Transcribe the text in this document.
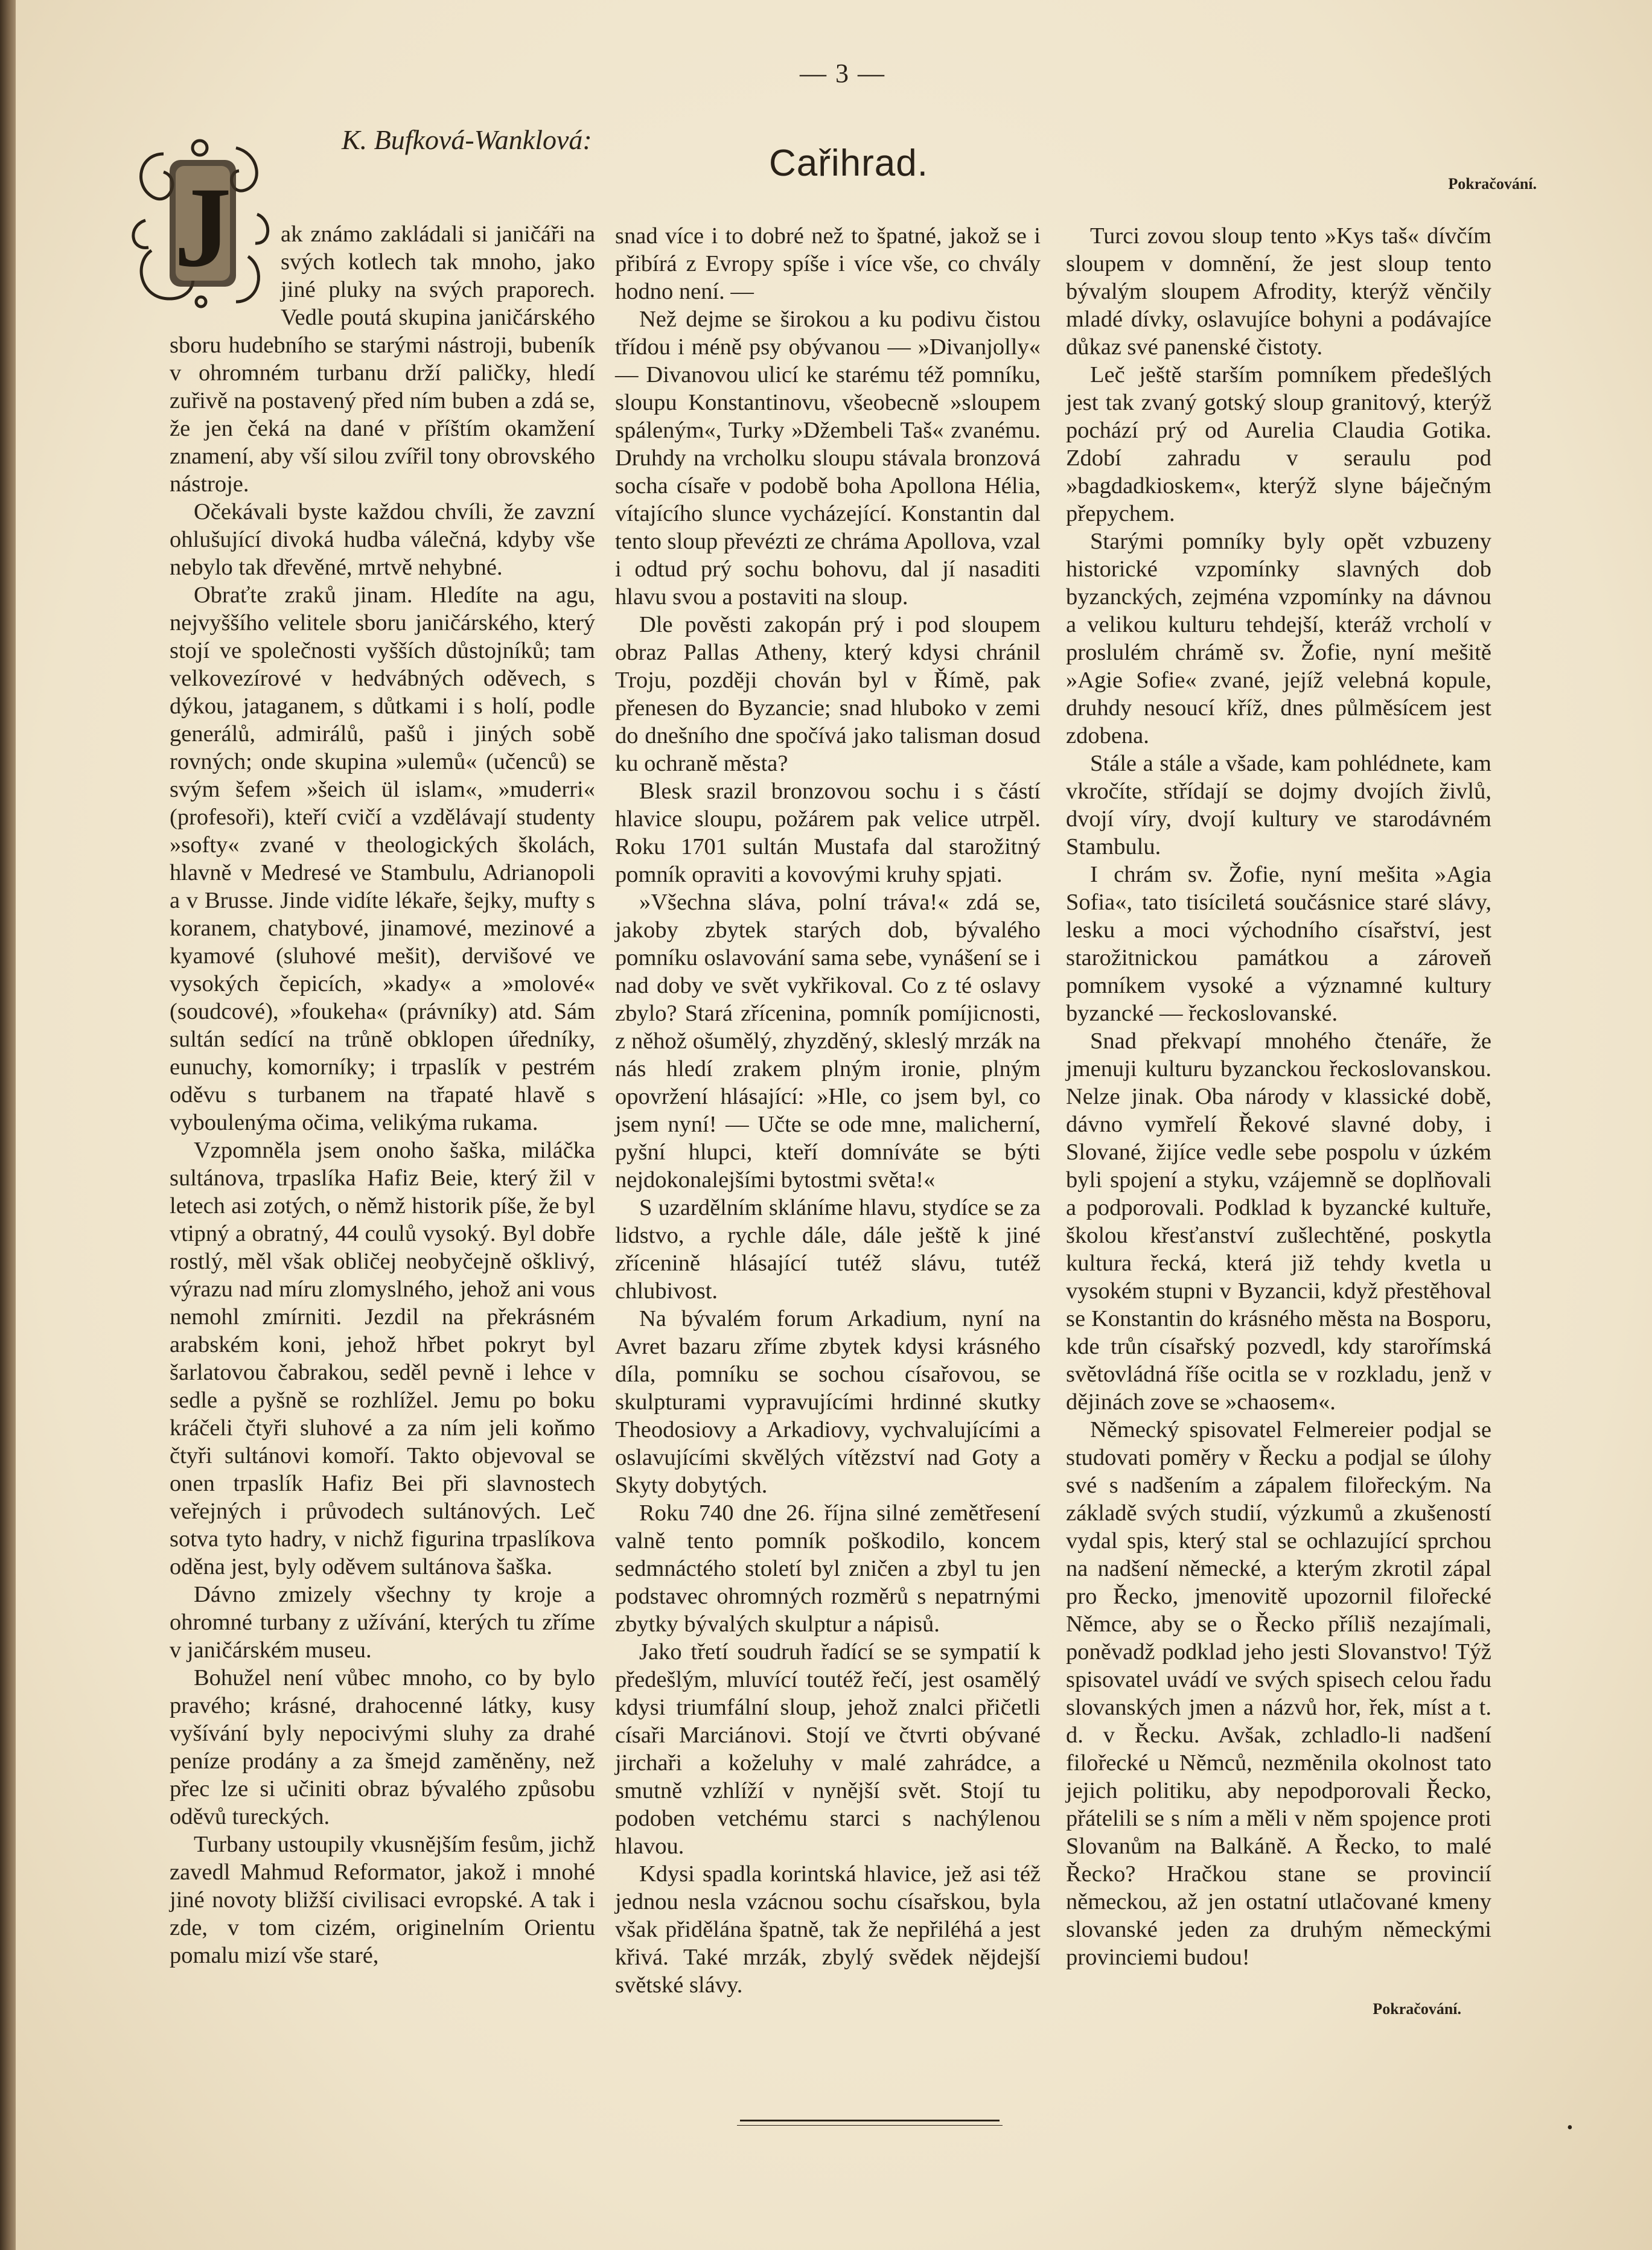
— 3 —
K. Bufková-Wanklová:
Cařihrad.	Pokračování.
J	ak známo zakládali si janičáři na svých kotlech tak mnoho, jako jiné pluky na svých praporech. Vedle poutá skupina janičárského sboru hudebního se starými nástroji, bubeník v ohromném turbanu drží paličky, hledí zuřivě na postavený před ním buben a zdá se, že jen čeká na dané v příštím okamžení znamení, aby vší silou zvířil tony obrovského nástroje.

Očekávali byste každou chvíli, že zavzní ohlušující divoká hudba válečná, kdyby vše nebylo tak dřevěné, mrtvě nehybné.

Obraťte zraků jinam. Hledíte na agu, nejvyššího velitele sboru janičárského, který stojí ve společnosti vyšších důstojníků; tam velkovezírové v hedvábných oděvech, s dýkou, jataganem, s důtkami i s holí, podle generálů, admirálů, pašů i jiných sobě rovných; onde skupina »ulemů« (učenců) se svým šefem »šeich ül islam«, »muderri« (profesoři), kteří cvičí a vzdělávají studenty »softy« zvané v theologických školách, hlavně v Medresé ve Stambulu, Adrianopoli a v Brusse. Jinde vidíte lékaře, šejky, mufty s koranem, chatybové, jinamové, mezinové a kyamové (sluhové mešit), dervišové ve vysokých čepicích, »kady« a »molové« (soudcové), »foukeha« (právníky) atd. Sám sultán sedící na trůně obklopen úředníky, eunuchy, komorníky; i trpaslík v pestrém oděvu s turbanem na třapaté hlavě s vyboulenýma očima, velikýma rukama.

Vzpomněla jsem onoho šaška, miláčka sultánova, trpaslíka Hafiz Beie, který žil v letech asi zotých, o němž historik píše, že byl vtipný a obratný, 44 coulů vysoký. Byl dobře rostlý, měl však obličej neobyčejně ošklivý, výrazu nad míru zlomyslného, jehož ani vous nemohl zmírniti. Jezdil na překrásném arabském koni, jehož hřbet pokryt byl šarlatovou čabrakou, seděl pevně i lehce v sedle a pyšně se rozhlížel. Jemu po boku kráčeli čtyři sluhové a za ním jeli koňmo čtyři sultánovi komoří. Takto objevoval se onen trpaslík Hafiz Bei při slavnostech veřejných i průvodech sultánových. Leč sotva tyto hadry, v nichž figurina trpaslíkova oděna jest, byly oděvem sultánova šaška.

Dávno zmizely všechny ty kroje a ohromné turbany z užívání, kterých tu zříme v janičárském museu.

Bohužel není vůbec mnoho, co by bylo pravého; krásné, drahocenné látky, kusy vyšívání byly nepocivými sluhy za drahé peníze prodány a za šmejd zaměněny, než přec lze si učiniti obraz bývalého způsobu oděvů tureckých.

Turbany ustoupily vkusnějším fesům, jichž zavedl Mahmud Reformator, jakož i mnohé jiné novoty bližší civilisaci evropské. A tak i zde, v tom cizém, originelním Orientu pomalu mizí vše staré,

snad více i to dobré než to špatné, jakož se i přibírá z Evropy spíše i více vše, co chvály hodno není. —

Než dejme se širokou a ku podivu čistou třídou i méně psy obývanou — »Divanjolly« — Divanovou ulicí ke starému též pomníku, sloupu Konstantinovu, všeobecně »sloupem spáleným«, Turky »Džembeli Taš« zvanému. Druhdy na vrcholku sloupu stávala bronzová socha císaře v podobě boha Apollona Hélia, vítajícího slunce vycházející. Konstantin dal tento sloup převézti ze chráma Apollova, vzal i odtud prý sochu bohovu, dal jí nasaditi hlavu svou a postaviti na sloup.

Dle pověsti zakopán prý i pod sloupem obraz Pallas Atheny, který kdysi chránil Troju, později chován byl v Římě, pak přenesen do Byzancie; snad hluboko v zemi do dnešního dne spočívá jako talisman dosud ku ochraně města?

Blesk srazil bronzovou sochu i s částí hlavice sloupu, požárem pak velice utrpěl. Roku 1701 sultán Mustafa dal starožitný pomník opraviti a kovovými kruhy spjati.

»Všechna sláva, polní tráva!« zdá se, jakoby zbytek starých dob, bývalého pomníku oslavování sama sebe, vynášení se i nad doby ve svět vykřikoval. Co z té oslavy zbylo? Stará zřícenina, pomník pomíjicnosti, z něhož ošumělý, zhyzděný, skleslý mrzák na nás hledí zrakem plným ironie, plným opovržení hlásající: »Hle, co jsem byl, co jsem nyní! — Učte se ode mne, malicherní, pyšní hlupci, kteří domníváte se býti nejdokonalejšími bytostmi světa!«

S uzardělním skláníme hlavu, stydíce se za lidstvo, a rychle dále, dále ještě k jiné zřícenině hlásající tutéž slávu, tutéž chlubivost.

Na bývalém forum Arkadium, nyní na Avret bazaru zříme zbytek kdysi krásného díla, pomníku se sochou císařovou, se skulpturami vypravujícími hrdinné skutky Theodosiovy a Arkadiovy, vychvalujícími a oslavujícími skvělých vítězství nad Goty a Skyty dobytých.

Roku 740 dne 26. října silné zemětřesení valně tento pomník poškodilo, koncem sedmnáctého století byl zničen a zbyl tu jen podstavec ohromných rozměrů s nepatrnými zbytky bývalých skulptur a nápisů.

Jako třetí soudruh řadící se se sympatií k předešlým, mluvící toutéž řečí, jest osamělý kdysi triumfální sloup, jehož znalci přičetli císaři Marciánovi. Stojí ve čtvrti obývané jirchaři a koželuhy v malé zahrádce, a smutně vzhlíží v nynější svět. Stojí tu podoben vetchému starci s nachýlenou hlavou.

Kdysi spadla korintská hlavice, jež asi též jednou nesla vzácnou sochu císařskou, byla však přidělána špatně, tak že nepřiléhá a jest křivá. Také mrzák, zbylý svědek nějdejší světské slávy.

Turci zovou sloup tento »Kys taš« dívčím sloupem v domnění, že jest sloup tento bývalým sloupem Afrodity, kterýž věnčily mladé dívky, oslavujíce bohyni a podávajíce důkaz své panenské čistoty.

Leč ještě starším pomníkem předešlých jest tak zvaný gotský sloup granitový, kterýž pochází prý od Aurelia Claudia Gotika. Zdobí zahradu v seraulu pod »bagdadkioskem«, kterýž slyne báječným přepychem.

Starými pomníky byly opět vzbuzeny historické vzpomínky slavných dob byzanckých, zejména vzpomínky na dávnou a velikou kulturu tehdejší, kteráž vrcholí v proslulém chrámě sv. Žofie, nyní mešitě »Agie Sofie« zvané, jejíž velebná kopule, druhdy nesoucí kříž, dnes půlměsícem jest zdobena.

Stále a stále a všade, kam pohlédnete, kam vkročíte, střídají se dojmy dvojích živlů, dvojí víry, dvojí kultury ve starodávném Stambulu.

I chrám sv. Žofie, nyní mešita »Agia Sofia«, tato tisíciletá součásnice staré slávy, lesku a moci východního císařství, jest starožitnickou památkou a zároveň pomníkem vysoké a významné kultury byzancké — řeckoslovanské.

Snad překvapí mnohého čtenáře, že jmenuji kulturu byzanckou řeckoslovanskou. Nelze jinak. Oba národy v klassické době, dávno vymřelí Řekové slavné doby, i Slované, žijíce vedle sebe pospolu v úzkém byli spojení a styku, vzájemně se doplňovali a podporovali. Podklad k byzancké kultuře, školou křesťanství zušlechtěné, poskytla kultura řecká, která již tehdy kvetla u vysokém stupni v Byzancii, když přestěhoval se Konstantin do krásného města na Bosporu, kde trůn císařský pozvedl, kdy starořímská světovládná říše ocitla se v rozkladu, jenž v dějinách zove se »chaosem«.

Německý spisovatel Felmereier podjal se studovati poměry v Řecku a podjal se úlohy své s nadšením a zápalem filořeckým. Na základě svých studií, výzkumů a zkušeností vydal spis, který stal se ochlazující sprchou na nadšení německé, a kterým zkrotil zápal pro Řecko, jmenovitě upozornil filořecké Němce, aby se o Řecko příliš nezajímali, poněvadž podklad jeho jesti Slovanstvo! Týž spisovatel uvádí ve svých spisech celou řadu slovanských jmen a názvů hor, řek, míst a t. d. v Řecku. Avšak, zchladlo-li nadšení filořecké u Němců, nezměnila okolnost tato jejich politiku, aby nepodporovali Řecko, přátelili se s ním a měli v něm spojence proti Slovanům na Balkáně. A Řecko, to malé Řecko? Hračkou stane se provincií německou, až jen ostatní utlačované kmeny slovanské jeden za druhým německými provinciemi budou!

Pokračování.
•
